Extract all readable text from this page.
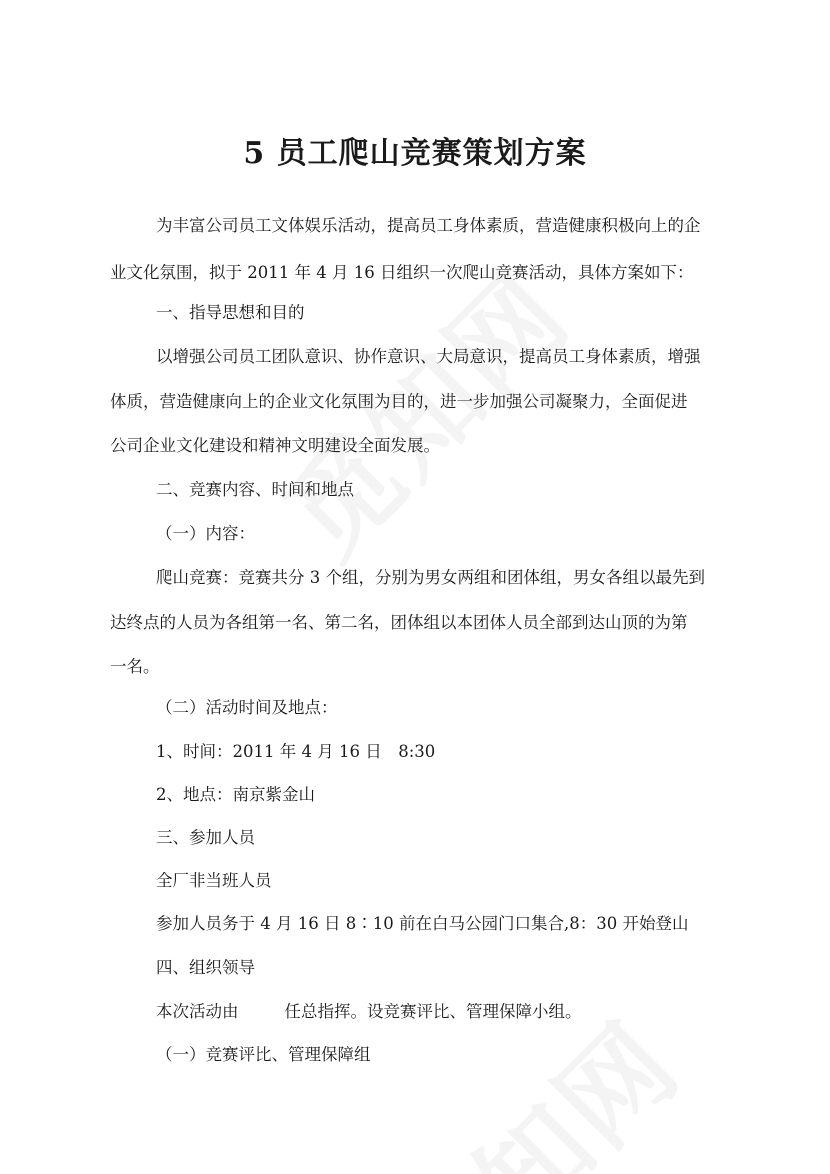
5 员工爬山竞赛策划方案

为丰富公司员工文体娱乐活动，提高员工身体素质，营造健康积极向上的企

业文化氛围，拟于 2011 年 4 月 16 日组织一次爬山竞赛活动，具体方案如下：

一、指导思想和目的

以增强公司员工团队意识、协作意识、大局意识，提高员工身体素质，增强

体质，营造健康向上的企业文化氛围为目的，进一步加强公司凝聚力，全面促进

公司企业文化建设和精神文明建设全面发展。

二、竞赛内容、时间和地点

（一）内容：

爬山竞赛：竞赛共分 3 个组，分别为男女两组和团体组，男女各组以最先到

达终点的人员为各组第一名、第二名，团体组以本团体人员全部到达山顶的为第

一名。

（二）活动时间及地点：

1、时间：2011 年 4 月 16 日　8:30

2、地点：南京紫金山

三、参加人员

全厂非当班人员

参加人员务于 4 月 16 日 8∶10 前在白马公园门口集合,8：30 开始登山

四、组织领导

本次活动由	任总指挥。设竞赛评比、管理保障小组。

（一）竞赛评比、管理保障组
